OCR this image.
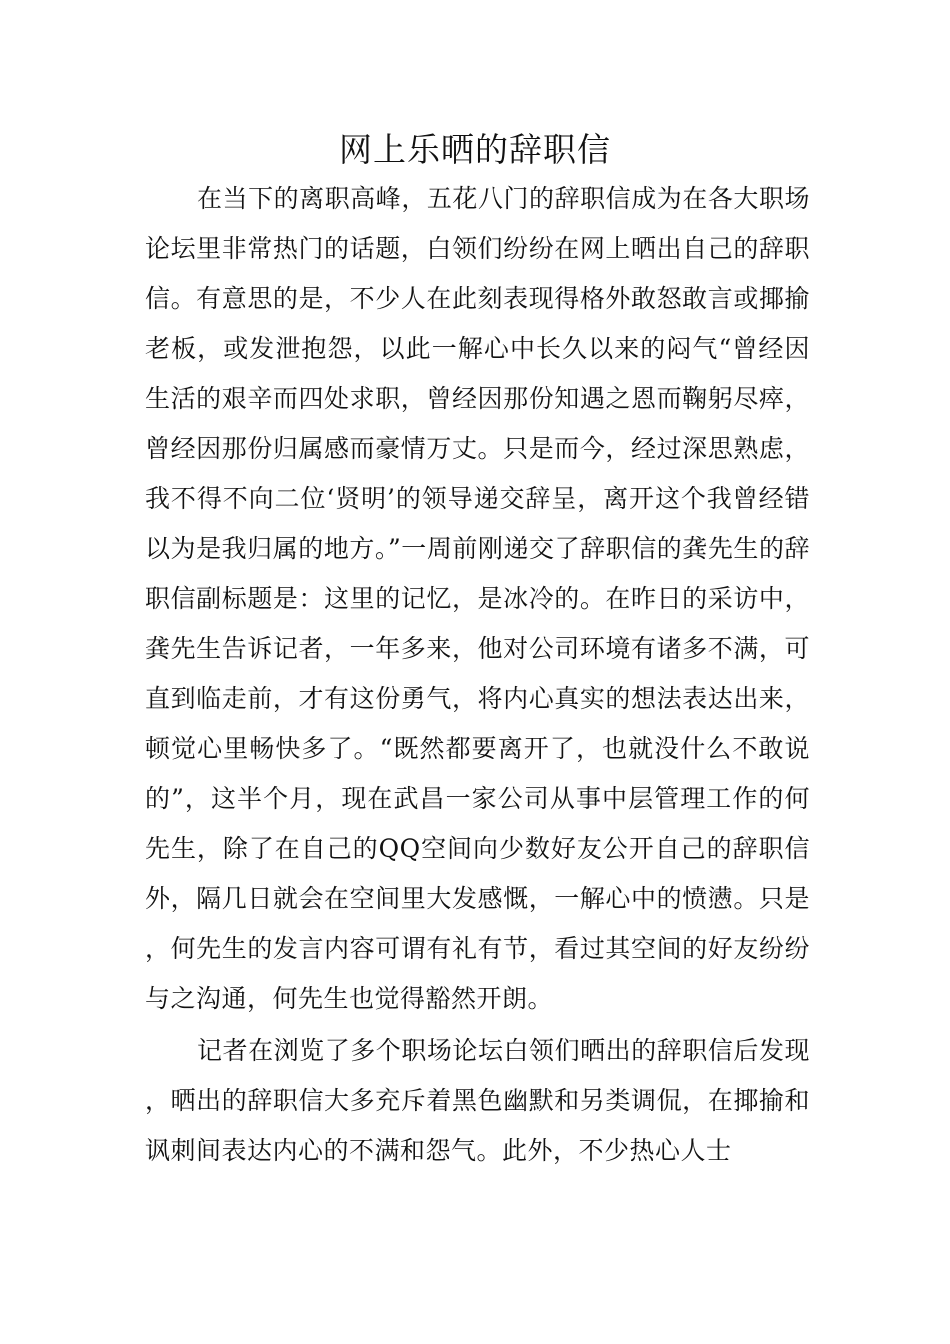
网上乐晒的辞职信

在当下的离职高峰，五花八门的辞职信成为在各大职场论坛里非常热门的话题，白领们纷纷在网上晒出自己的辞职信。有意思的是，不少人在此刻表现得格外敢怒敢言或揶揄老板，或发泄抱怨，以此一解心中长久以来的闷气“曾经因生活的艰辛而四处求职，曾经因那份知遇之恩而鞠躬尽瘁，曾经因那份归属感而豪情万丈。只是而今，经过深思熟虑，我不得不向二位‘贤明’的领导递交辞呈，离开这个我曾经错以为是我归属的地方。”一周前刚递交了辞职信的龚先生的辞职信副标题是：这里的记忆，是冰冷的。在昨日的采访中，龚先生告诉记者，一年多来，他对公司环境有诸多不满，可直到临走前，才有这份勇气，将内心真实的想法表达出来，顿觉心里畅快多了。“既然都要离开了，也就没什么不敢说的”，这半个月，现在武昌一家公司从事中层管理工作的何先生，除了在自己的QQ空间向少数好友公开自己的辞职信外，隔几日就会在空间里大发感慨，一解心中的愤懑。只是，何先生的发言内容可谓有礼有节，看过其空间的好友纷纷与之沟通，何先生也觉得豁然开朗。

记者在浏览了多个职场论坛白领们晒出的辞职信后发现，晒出的辞职信大多充斥着黑色幽默和另类调侃，在揶揄和讽刺间表达内心的不满和怨气。此外，不少热心人士
